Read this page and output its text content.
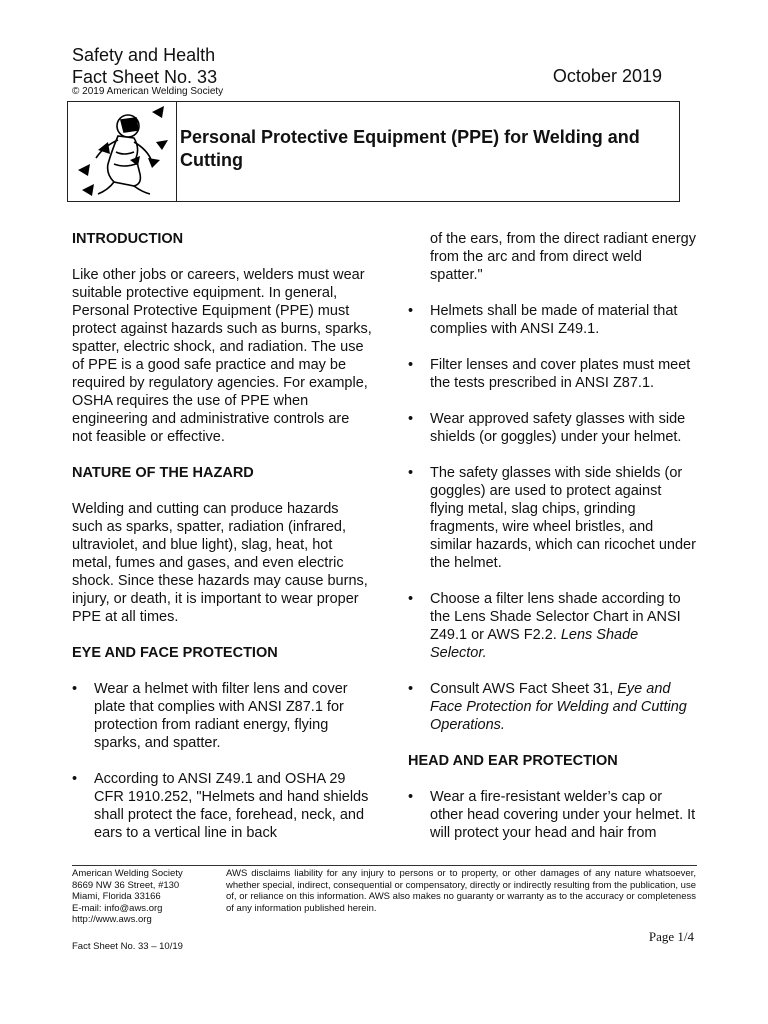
Safety and Health
Fact Sheet No. 33
© 2019 American Welding Society
October 2019
Personal Protective Equipment (PPE) for Welding and Cutting
INTRODUCTION
Like other jobs or careers, welders must wear suitable protective equipment. In general, Personal Protective Equipment (PPE) must protect against hazards such as burns, sparks, spatter, electric shock, and radiation. The use of PPE is a good safe practice and may be required by regulatory agencies. For example, OSHA requires the use of PPE when engineering and administrative controls are not feasible or effective.
NATURE OF THE HAZARD
Welding and cutting can produce hazards such as sparks, spatter, radiation (infrared, ultraviolet, and blue light), slag, heat, hot metal, fumes and gases, and even electric shock. Since these hazards may cause burns, injury, or death, it is important to wear proper PPE at all times.
EYE AND FACE PROTECTION
• Wear a helmet with filter lens and cover plate that complies with ANSI Z87.1 for protection from radiant energy, flying sparks, and spatter.
• According to ANSI Z49.1 and OSHA 29 CFR 1910.252, "Helmets and hand shields shall protect the face, forehead, neck, and ears to a vertical line in back
of the ears, from the direct radiant energy from the arc and from direct weld spatter."
• Helmets shall be made of material that complies with ANSI Z49.1.
• Filter lenses and cover plates must meet the tests prescribed in ANSI Z87.1.
• Wear approved safety glasses with side shields (or goggles) under your helmet.
• The safety glasses with side shields (or goggles) are used to protect against flying metal, slag chips, grinding fragments, wire wheel bristles, and similar hazards, which can ricochet under the helmet.
• Choose a filter lens shade according to the Lens Shade Selector Chart in ANSI Z49.1 or AWS F2.2. Lens Shade Selector.
• Consult AWS Fact Sheet 31, Eye and Face Protection for Welding and Cutting Operations.
HEAD AND EAR PROTECTION
• Wear a fire-resistant welder’s cap or other head covering under your helmet. It will protect your head and hair from
American Welding Society
8669 NW 36 Street, #130
Miami, Florida 33166
E-mail: info@aws.org
http://www.aws.org
AWS disclaims liability for any injury to persons or to property, or other damages of any nature whatsoever, whether special, indirect, consequential or compensatory, directly or indirectly resulting from the publication, use of, or reliance on this information. AWS also makes no guaranty or warranty as to the accuracy or completeness of any information published herein.
Fact Sheet No. 33 – 10/19
Page 1/4
